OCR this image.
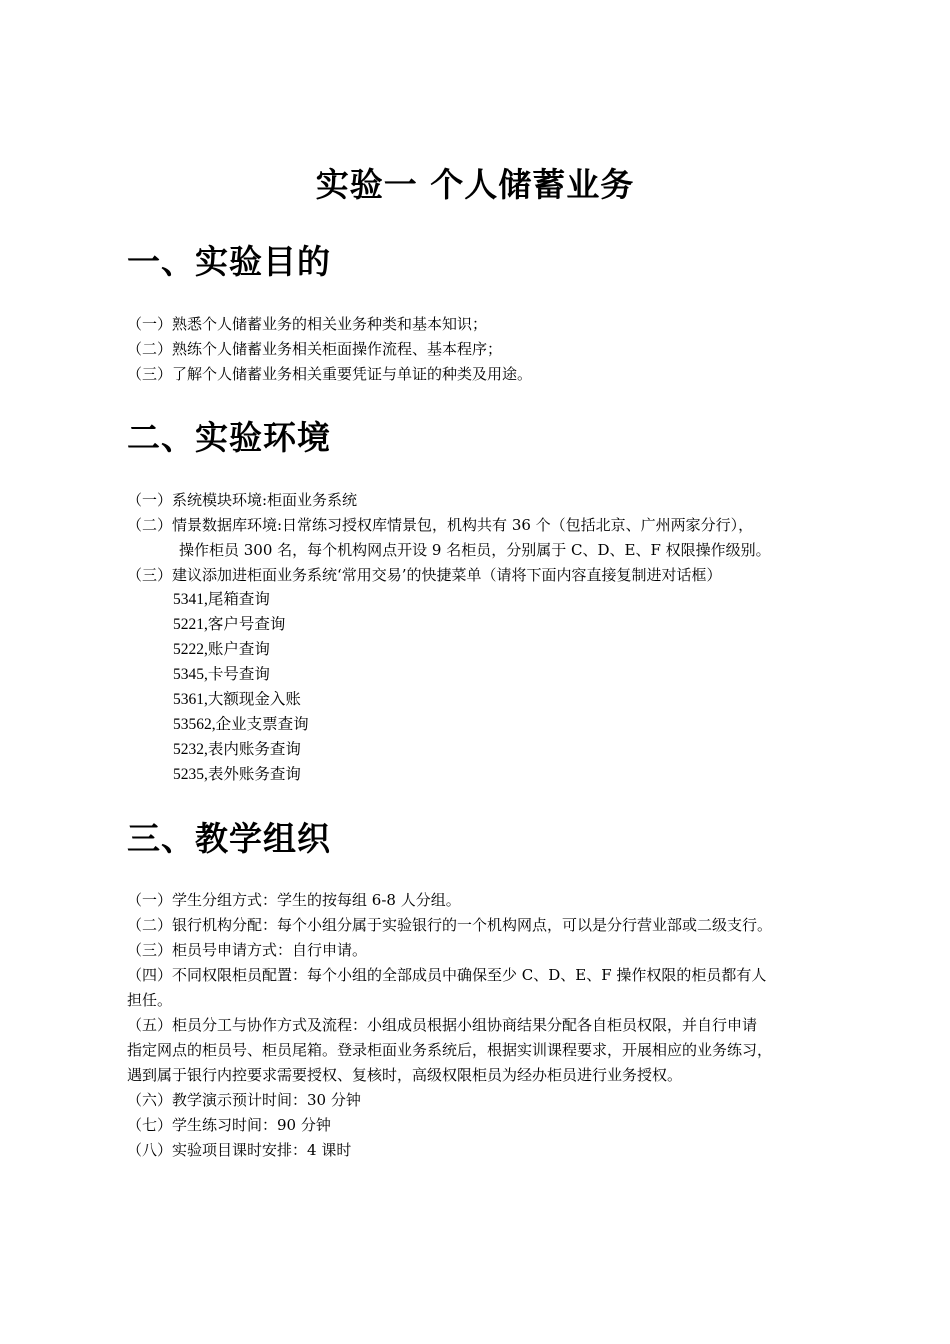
实验一 个人储蓄业务
一、实验目的
（一）熟悉个人储蓄业务的相关业务种类和基本知识；
（二）熟练个人储蓄业务相关柜面操作流程、基本程序；
（三）了解个人储蓄业务相关重要凭证与单证的种类及用途。
二、实验环境
（一）系统模块环境:柜面业务系统
（二）情景数据库环境:日常练习授权库情景包，机构共有 36 个（包括北京、广州两家分行），
操作柜员 300 名，每个机构网点开设 9 名柜员，分别属于 C、D、E、F 权限操作级别。
（三）建议添加进柜面业务系统‘常用交易’的快捷菜单（请将下面内容直接复制进对话框）
5341,尾箱查询
5221,客户号查询
5222,账户查询
5345,卡号查询
5361,大额现金入账
53562,企业支票查询
5232,表内账务查询
5235,表外账务查询
三、教学组织
（一）学生分组方式：学生的按每组 6-8 人分组。
（二）银行机构分配：每个小组分属于实验银行的一个机构网点，可以是分行营业部或二级支行。
（三）柜员号申请方式：自行申请。
（四）不同权限柜员配置：每个小组的全部成员中确保至少 C、D、E、F 操作权限的柜员都有人
担任。
（五）柜员分工与协作方式及流程：小组成员根据小组协商结果分配各自柜员权限，并自行申请
指定网点的柜员号、柜员尾箱。登录柜面业务系统后，根据实训课程要求，开展相应的业务练习，
遇到属于银行内控要求需要授权、复核时，高级权限柜员为经办柜员进行业务授权。
（六）教学演示预计时间：30 分钟
（七）学生练习时间：90 分钟
（八）实验项目课时安排：4 课时
